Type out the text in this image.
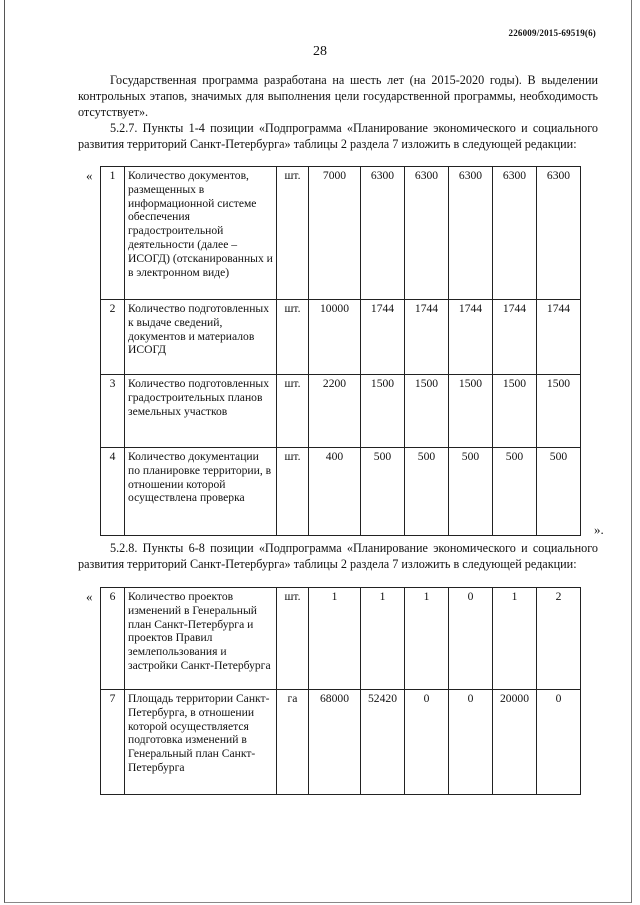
226009/2015-69519(6)
28
Государственная программа разработана на шесть лет (на 2015-2020 годы). В выделении контрольных этапов, значимых для выполнения цели государственной программы, необходимость отсутствует».
5.2.7. Пункты 1-4 позиции «Подпрограмма «Планирование экономического и социального развития территорий Санкт-Петербурга» таблицы 2 раздела 7 изложить в следующей редакции:
« 1	Количество документов, размещенных в информационной системе обеспечения градостроительной деятельности (далее – ИСОГД) (отсканированных и в электронном виде)	шт.	7000	6300	6300	6300	6300	6300
2	Количество подготовленных к выдаче сведений, документов и материалов ИСОГД	шт.	10000	1744	1744	1744	1744	1744
3	Количество подготовленных градостроительных планов земельных участков	шт.	2200	1500	1500	1500	1500	1500
4	Количество документации по планировке территории, в отношении которой осуществлена проверка	шт.	400	500	500	500	500	500
».
5.2.8. Пункты 6-8 позиции «Подпрограмма «Планирование экономического и социального развития территорий Санкт-Петербурга» таблицы 2 раздела 7 изложить в следующей редакции:
« 6	Количество проектов изменений в Генеральный план Санкт-Петербурга и проектов Правил землепользования и застройки Санкт-Петербурга	шт.	1	1	1	0	1	2
7	Площадь территории Санкт-Петербурга, в отношении которой осуществляется подготовка изменений в Генеральный план Санкт-Петербурга	га	68000	52420	0	0	20000	0
